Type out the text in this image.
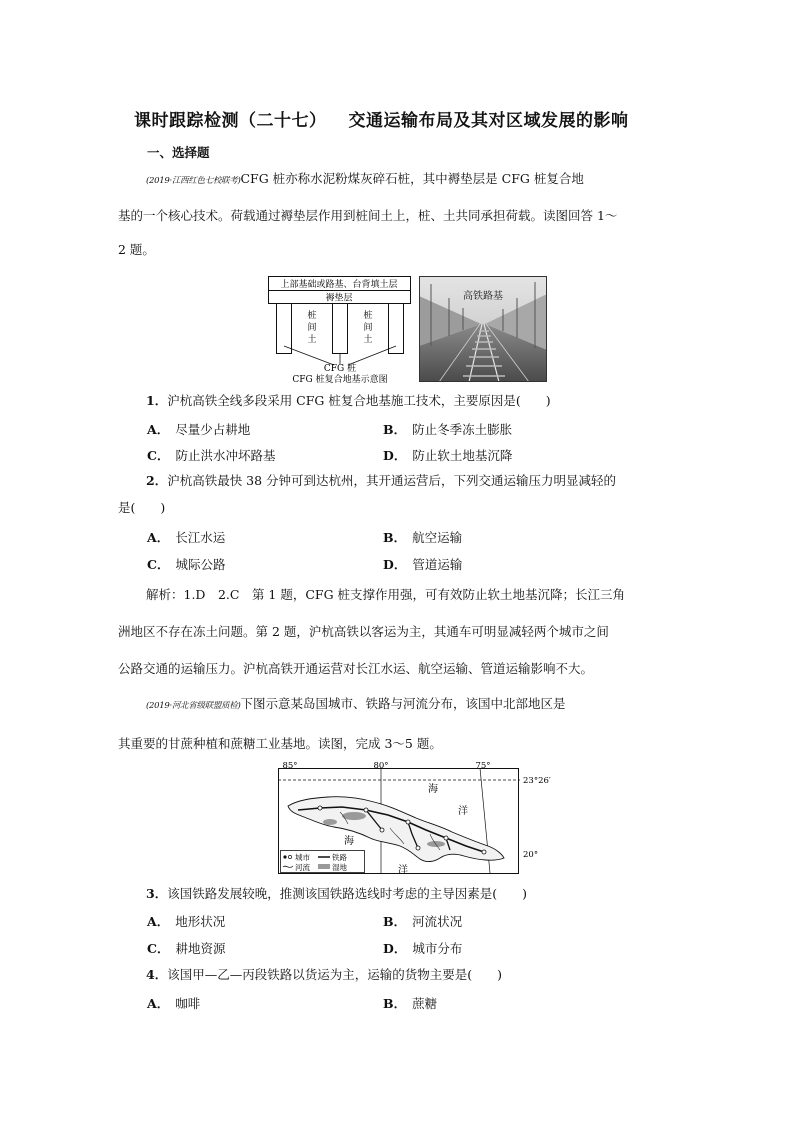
课时跟踪检测（二十七） 交通运输布局及其对区域发展的影响
一、选择题
(2019·江西红色七校联考)CFG 桩亦称水泥粉煤灰碎石桩，其中褥垫层是 CFG 桩复合地
基的一个核心技术。荷载通过褥垫层作用到桩间土上，桩、土共同承担荷载。读图回答 1～
2 题。
上部基础或路基、台背填土层
褥垫层
桩间土
桩间土
CFG 桩
CFG 桩复合地基示意图
高铁路基
1．沪杭高铁全线多段采用 CFG 桩复合地基施工技术，主要原因是(　　)
A． 尽量少占耕地	B． 防止冬季冻土膨胀
C． 防止洪水冲坏路基	D． 防止软土地基沉降
2．沪杭高铁最快 38 分钟可到达杭州，其开通运营后，下列交通运输压力明显减轻的
是(　　)
A． 长江水运	B． 航空运输
C． 城际公路	D． 管道运输
解析：1.D　2.C　第 1 题，CFG 桩支撑作用强，可有效防止软土地基沉降；长江三角
洲地区不存在冻土问题。第 2 题，沪杭高铁以客运为主，其通车可明显减轻两个城市之间
公路交通的运输压力。沪杭高铁开通运营对长江水运、航空运输、管道运输影响不大。
(2019·河北省级联盟质检)下图示意某岛国城市、铁路与河流分布，该国中北部地区是
其重要的甘蔗种植和蔗糖工业基地。读图，完成 3～5 题。
85°	80°	75°
23°26′
20°
海
洋
海
洋
城市	铁路
河流	湿地
3．该国铁路发展较晚，推测该国铁路选线时考虑的主导因素是(　　)
A． 地形状况	B． 河流状况
C． 耕地资源	D． 城市分布
4．该国甲—乙—丙段铁路以货运为主，运输的货物主要是(　　)
A． 咖啡	B． 蔗糖
